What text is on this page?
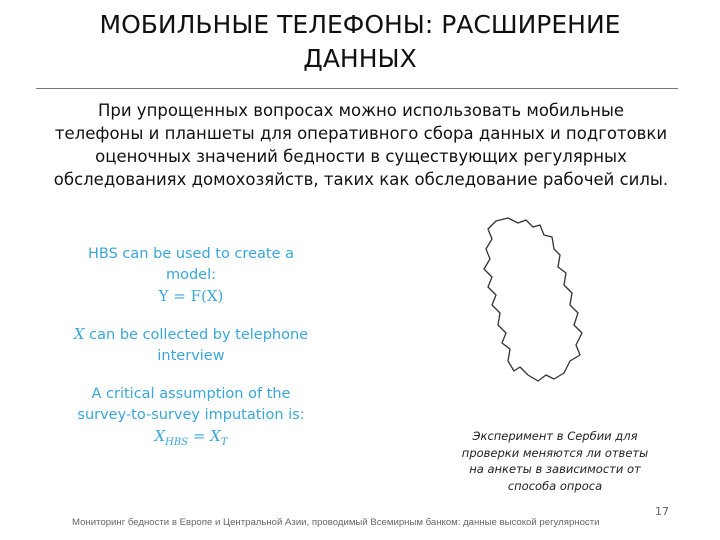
МОБИЛЬНЫЕ ТЕЛЕФОНЫ: РАСШИРЕНИЕ
ДАННЫХ
При упрощенных вопросах можно использовать мобильные
телефоны и планшеты для оперативного сбора данных и подготовки
оценочных значений бедности в существующих регулярных
обследованиях домохозяйств, таких как обследование рабочей силы.

HBS can be used to create a

model:

Y = F(X)

X can be collected by telephone

interview

A critical assumption of the

survey-to-survey imputation is:

$X_{HBS} = X_T$	Эксперимент в Сербии для
проверки меняются ли ответы
на анкеты в зависимости от
способа опроса
17
Мониторинг бедности в Европе и Центральной Азии, проводимый Всемирным банком: данные высокой регулярности
